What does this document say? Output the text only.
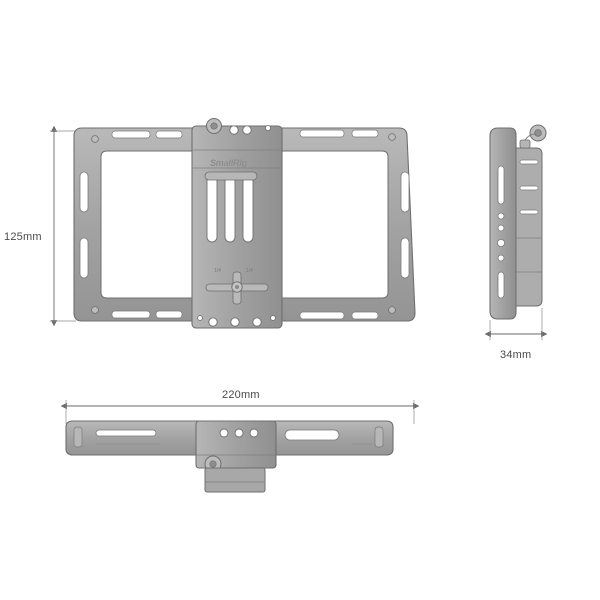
1/4	1/4
125mm
220mm
34mm
SmallRig
